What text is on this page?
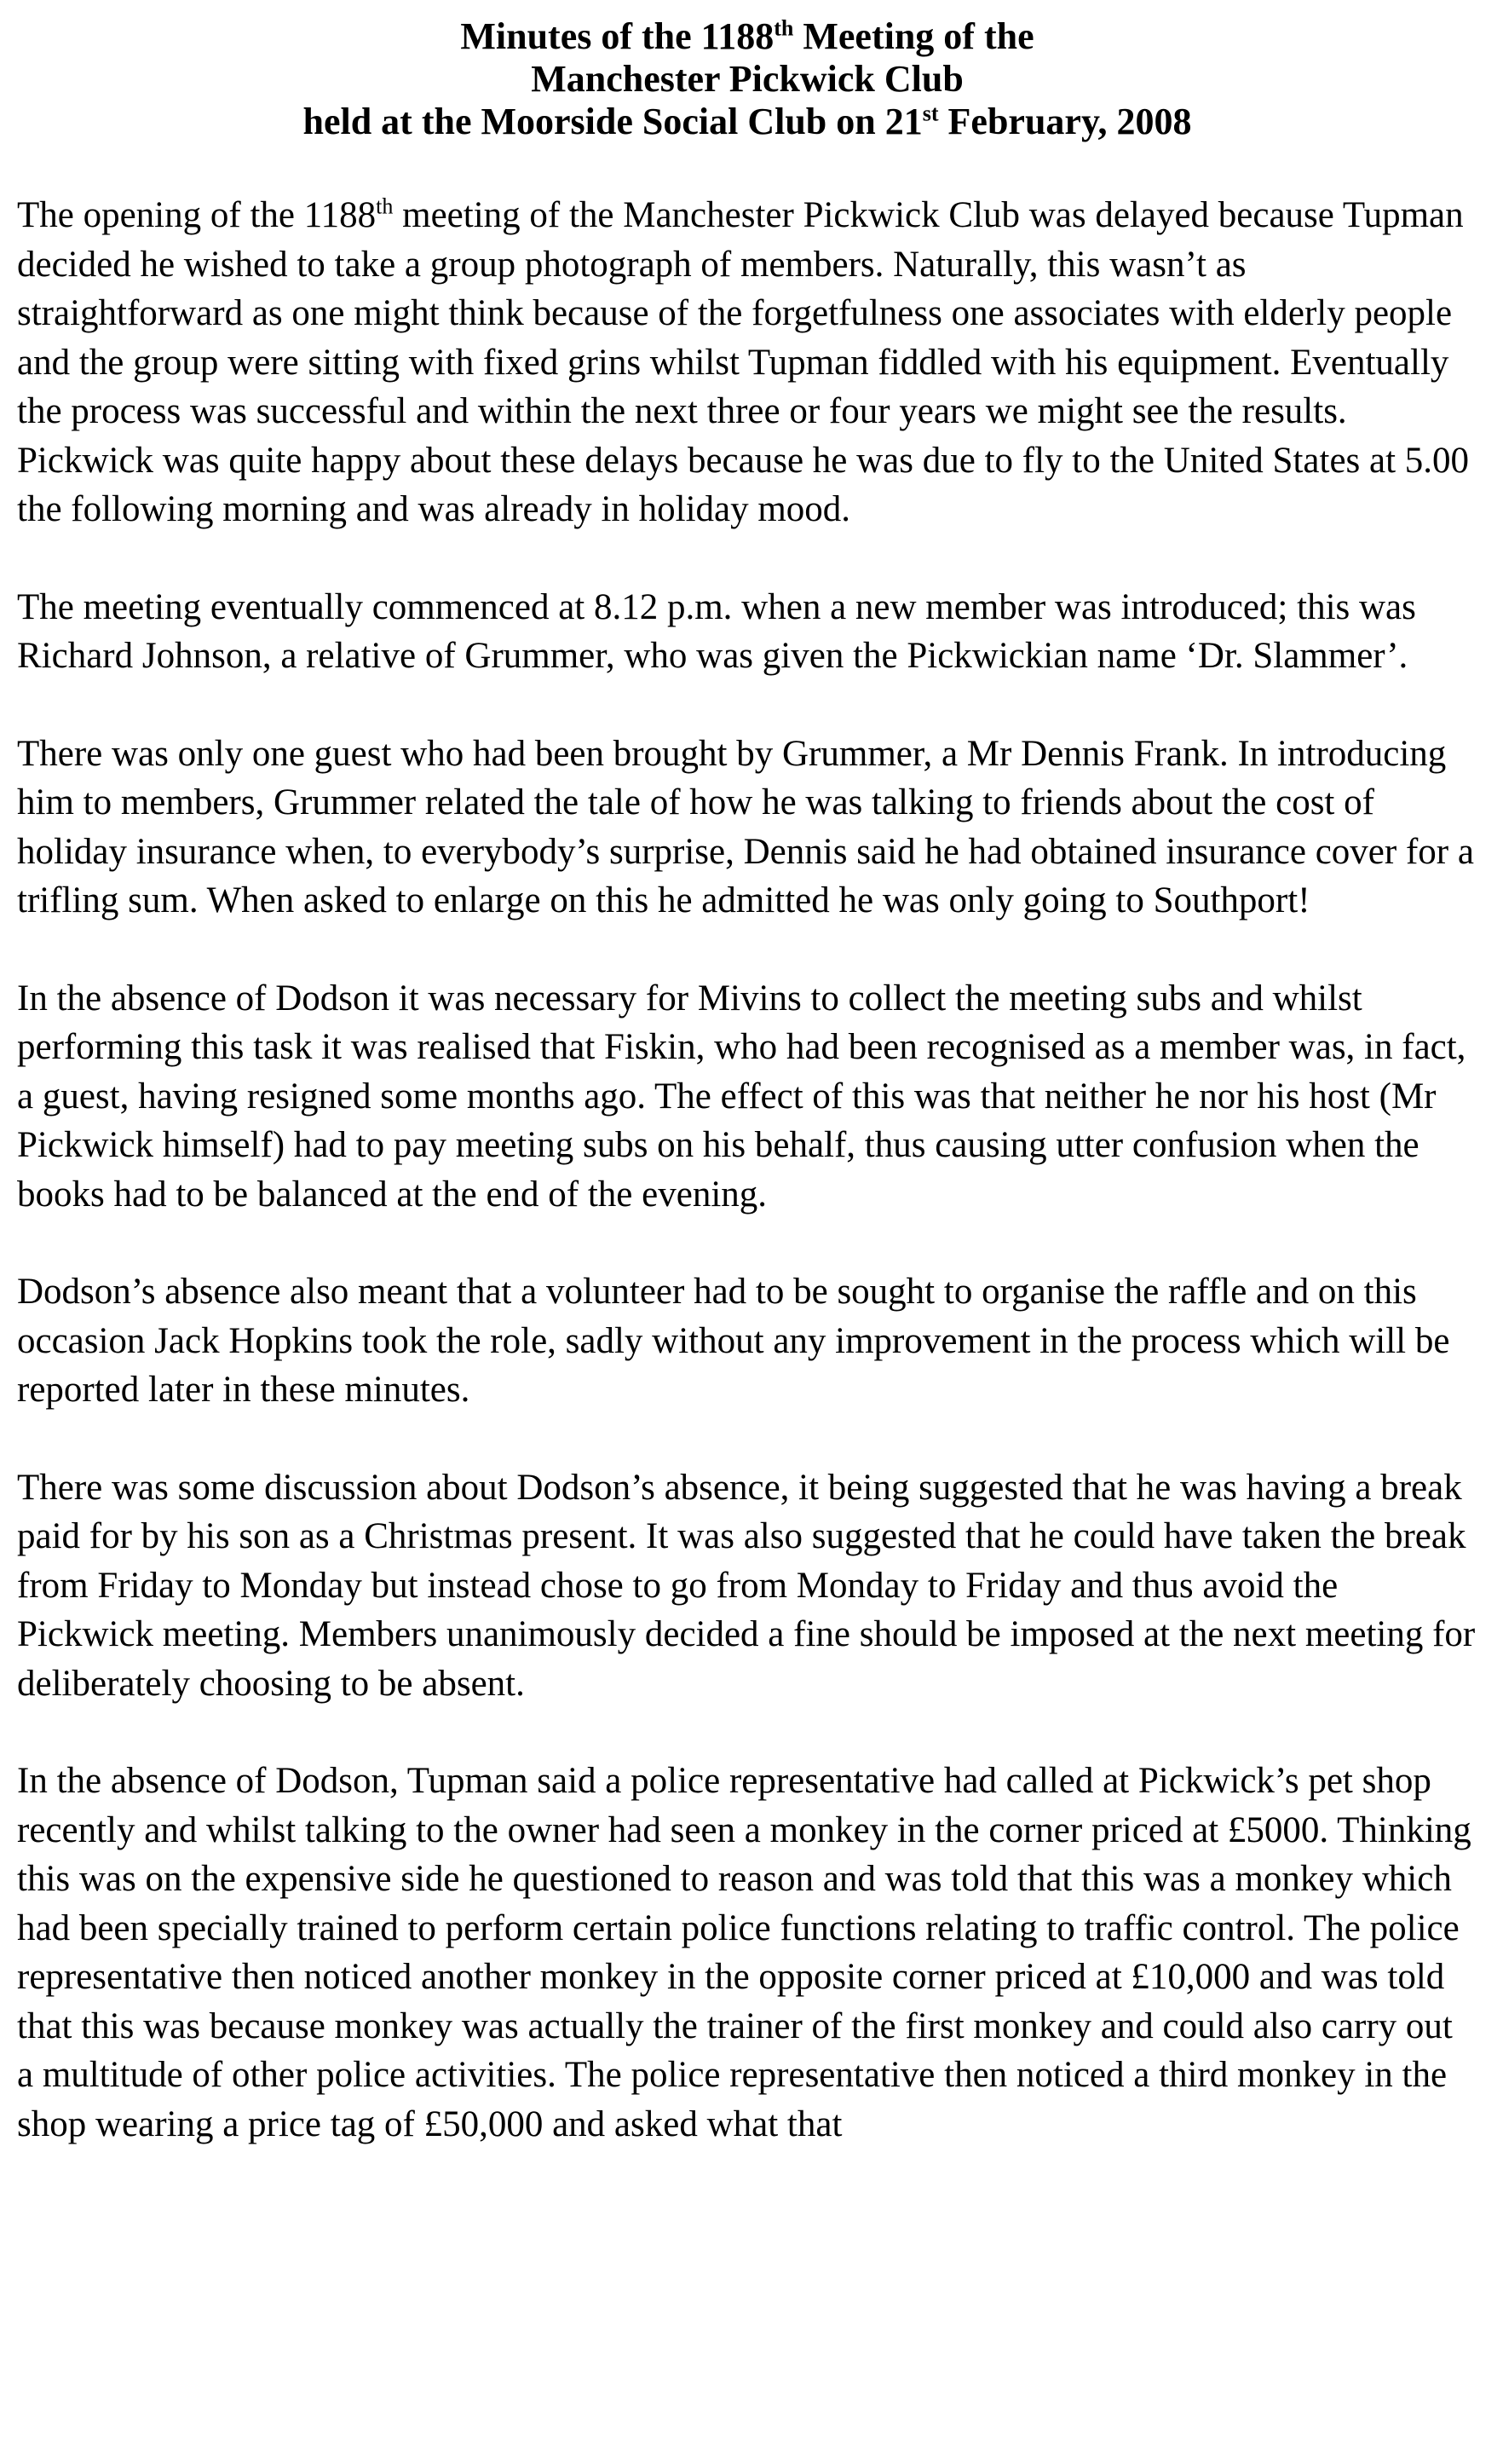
Minutes of the 1188th Meeting of the
Manchester Pickwick Club
held at the Moorside Social Club on 21st February, 2008

The opening of the 1188th meeting of the Manchester Pickwick Club was delayed because Tupman decided he wished to take a group photograph of members. Naturally, this wasn’t as straightforward as one might think because of the forgetfulness one associates with elderly people and the group were sitting with fixed grins whilst Tupman fiddled with his equipment. Eventually the process was successful and within the next three or four years we might see the results. Pickwick was quite happy about these delays because he was due to fly to the United States at 5.00 the following morning and was already in holiday mood.

The meeting eventually commenced at 8.12 p.m. when a new member was introduced; this was Richard Johnson, a relative of Grummer, who was given the Pickwickian name ‘Dr. Slammer’.

There was only one guest who had been brought by Grummer, a Mr Dennis Frank. In introducing him to members, Grummer related the tale of how he was talking to friends about the cost of holiday insurance when, to everybody’s surprise, Dennis said he had obtained insurance cover for a trifling sum. When asked to enlarge on this he admitted he was only going to Southport!

In the absence of Dodson it was necessary for Mivins to collect the meeting subs and whilst performing this task it was realised that Fiskin, who had been recognised as a member was, in fact, a guest, having resigned some months ago. The effect of this was that neither he nor his host (Mr Pickwick himself) had to pay meeting subs on his behalf, thus causing utter confusion when the books had to be balanced at the end of the evening.

Dodson’s absence also meant that a volunteer had to be sought to organise the raffle and on this occasion Jack Hopkins took the role, sadly without any improvement in the process which will be reported later in these minutes.

There was some discussion about Dodson’s absence, it being suggested that he was having a break paid for by his son as a Christmas present. It was also suggested that he could have taken the break from Friday to Monday but instead chose to go from Monday to Friday and thus avoid the Pickwick meeting. Members unanimously decided a fine should be imposed at the next meeting for deliberately choosing to be absent.

In the absence of Dodson, Tupman said a police representative had called at Pickwick’s pet shop recently and whilst talking to the owner had seen a monkey in the corner priced at £5000. Thinking this was on the expensive side he questioned to reason and was told that this was a monkey which had been specially trained to perform certain police functions relating to traffic control. The police representative then noticed another monkey in the opposite corner priced at £10,000 and was told that this was because monkey was actually the trainer of the first monkey and could also carry out a multitude of other police activities. The police representative then noticed a third monkey in the shop wearing a price tag of £50,000 and asked what that
